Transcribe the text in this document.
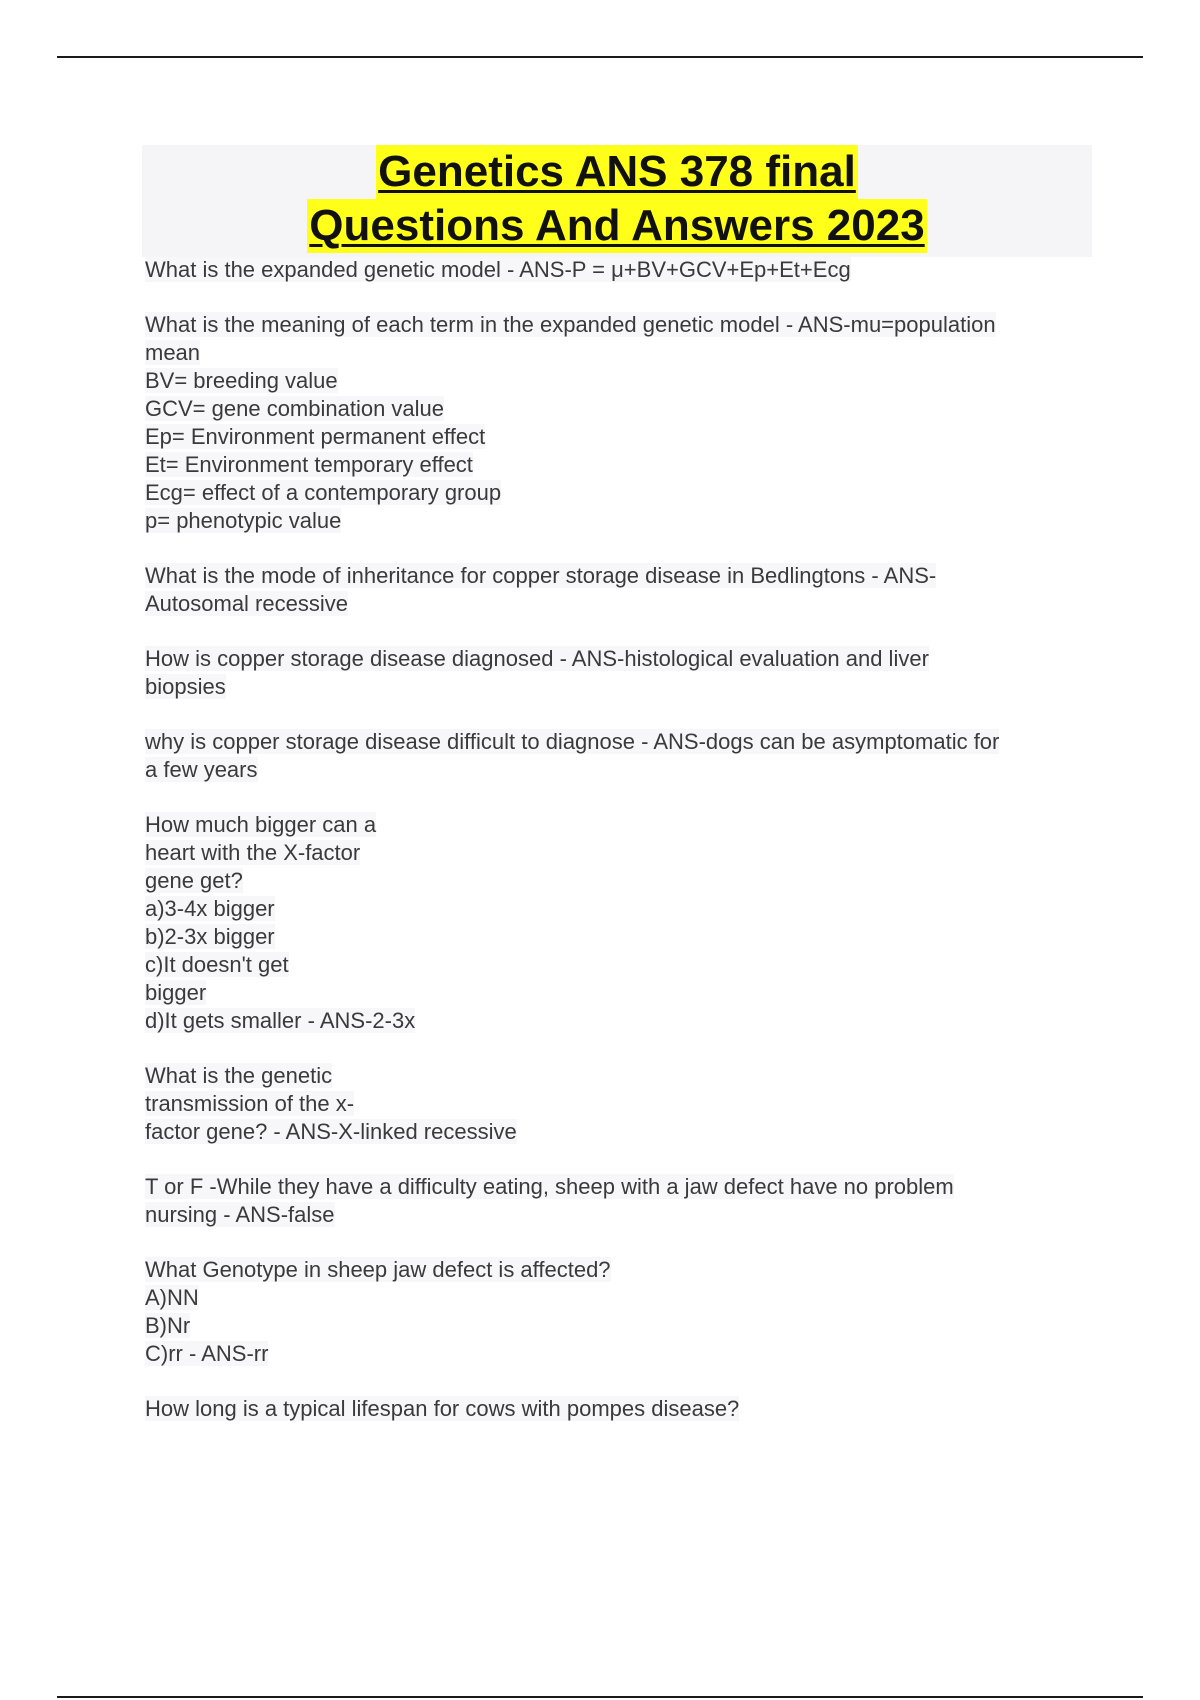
Genetics ANS 378 final
Questions And Answers 2023

What is the expanded genetic model - ANS-P = μ+BV+GCV+Ep+Et+Ecg

What is the meaning of each term in the expanded genetic model - ANS-mu=population
mean
BV= breeding value
GCV= gene combination value
Ep= Environment permanent effect
Et= Environment temporary effect
Ecg= effect of a contemporary group
p= phenotypic value

What is the mode of inheritance for copper storage disease in Bedlingtons - ANS-
Autosomal recessive

How is copper storage disease diagnosed - ANS-histological evaluation and liver
biopsies

why is copper storage disease difficult to diagnose - ANS-dogs can be asymptomatic for
a few years

How much bigger can a
heart with the X-factor
gene get?
a)3-4x bigger
b)2-3x bigger
c)It doesn't get
bigger
d)It gets smaller - ANS-2-3x

What is the genetic
transmission of the x-
factor gene? - ANS-X-linked recessive

T or F -While they have a difficulty eating, sheep with a jaw defect have no problem
nursing - ANS-false

What Genotype in sheep jaw defect is affected?
A)NN
B)Nr
C)rr - ANS-rr

How long is a typical lifespan for cows with pompes disease?
